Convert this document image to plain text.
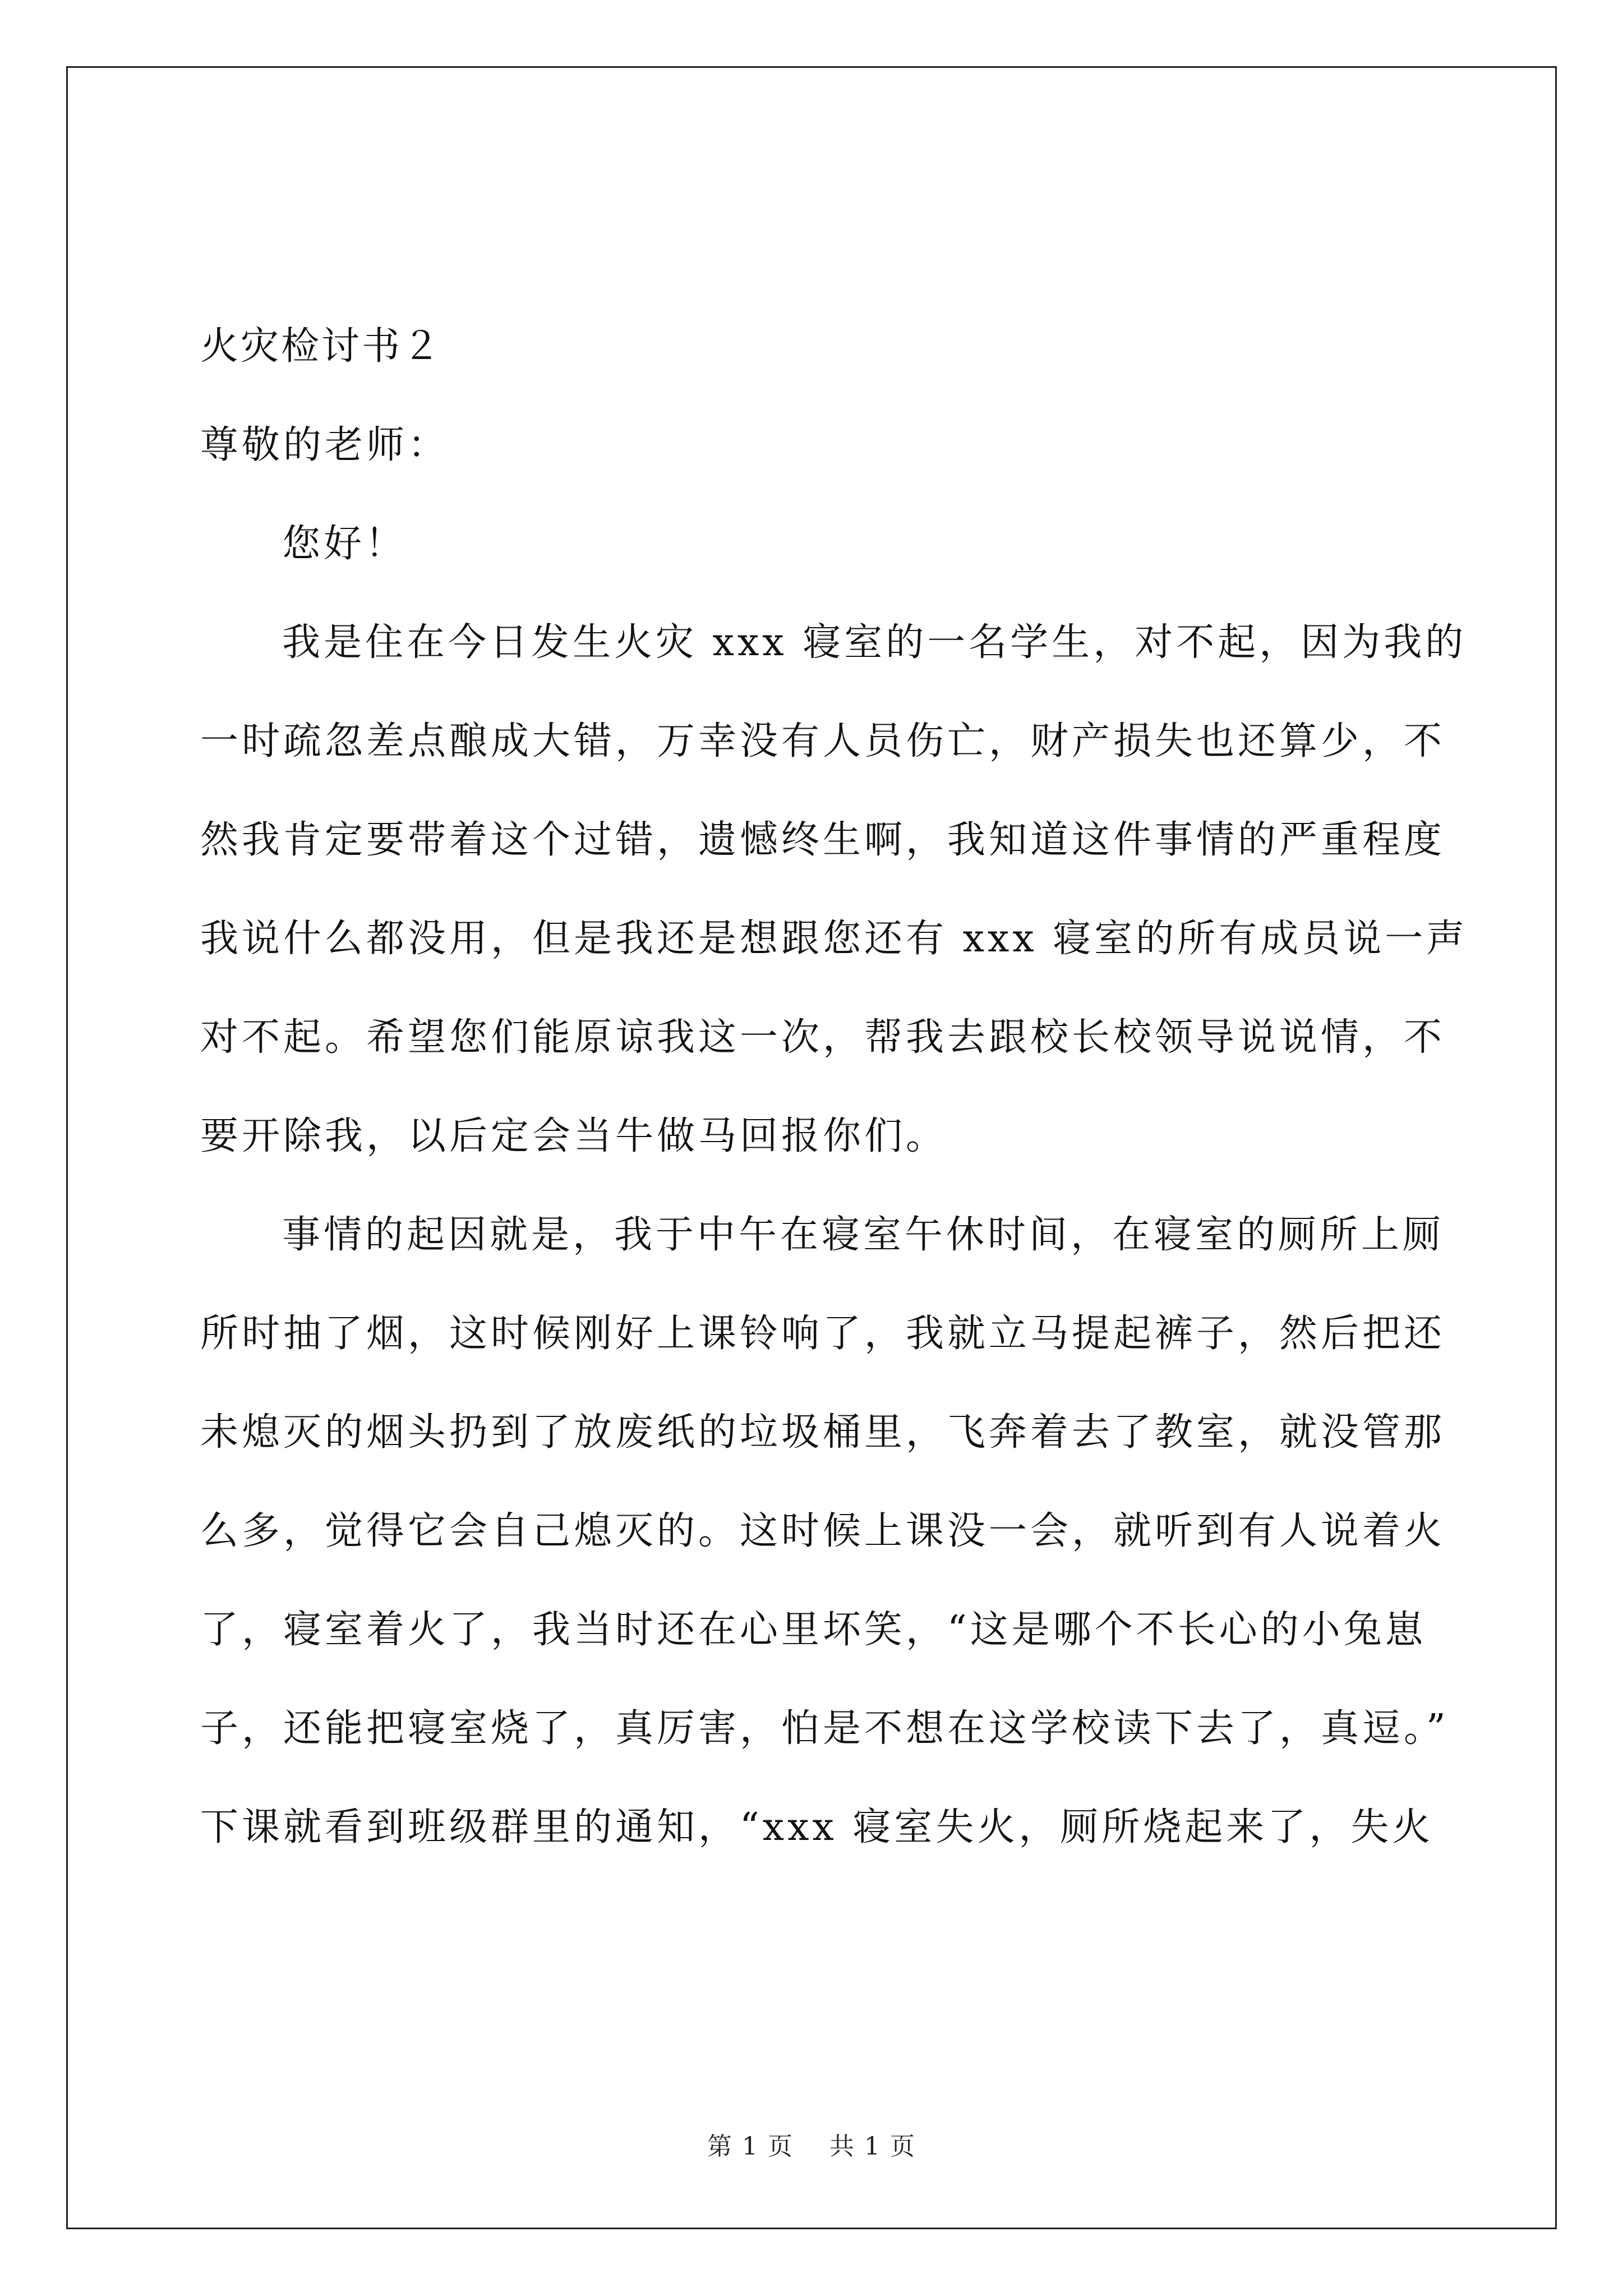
火灾检讨书２
尊敬的老师：
您好！
我是住在今日发生火灾 xxx 寝室的一名学生，对不起，因为我的
一时疏忽差点酿成大错，万幸没有人员伤亡，财产损失也还算少，不
然我肯定要带着这个过错，遗憾终生啊，我知道这件事情的严重程度
我说什么都没用，但是我还是想跟您还有 xxx 寝室的所有成员说一声
对不起。希望您们能原谅我这一次，帮我去跟校长校领导说说情，不
要开除我，以后定会当牛做马回报你们。
事情的起因就是，我于中午在寝室午休时间，在寝室的厕所上厕
所时抽了烟，这时候刚好上课铃响了，我就立马提起裤子，然后把还
未熄灭的烟头扔到了放废纸的垃圾桶里，飞奔着去了教室，就没管那
么多，觉得它会自己熄灭的。这时候上课没一会，就听到有人说着火
了，寝室着火了，我当时还在心里坏笑，“这是哪个不长心的小兔崽
子，还能把寝室烧了，真厉害，怕是不想在这学校读下去了，真逗。”
下课就看到班级群里的通知，“xxx 寝室失火，厕所烧起来了，失火
第 1 页 共 1 页
